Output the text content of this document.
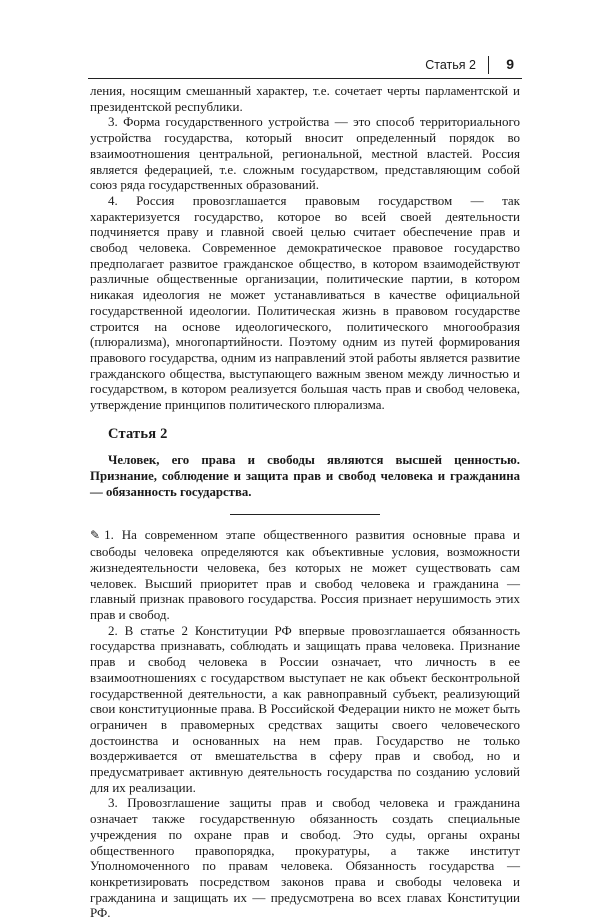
Статья 2 9

ления, носящим смешанный характер, т.е. сочетает черты парламентской и президентской республики.

3. Форма государственного устройства — это способ территориального устройства государства, который вносит определенный порядок во взаимоотношения центральной, региональной, местной властей. Россия является федерацией, т.е. сложным государством, представляющим собой союз ряда государственных образований.

4. Россия провозглашается правовым государством — так характеризуется государство, которое во всей своей деятельности подчиняется праву и главной своей целью считает обеспечение прав и свобод человека. Современное демократическое правовое государство предполагает развитое гражданское общество, в котором взаимодействуют различные общественные организации, политические партии, в котором никакая идеология не может устанавливаться в качестве официальной государственной идеологии. Политическая жизнь в правовом государстве строится на основе идеологического, политического многообразия (плюрализма), многопартийности. Поэтому одним из путей формирования правового государства, одним из направлений этой работы является развитие гражданского общества, выступающего важным звеном между личностью и государством, в котором реализуется большая часть прав и свобод человека, утверждение принципов политического плюрализма.

Статья 2

Человек, его права и свободы являются высшей ценностью. Признание, соблюдение и защита прав и свобод человека и гражданина — обязанность государства.

✎ 1. На современном этапе общественного развития основные права и свободы человека определяются как объективные условия, возможности жизнедеятельности человека, без которых не может существовать сам человек. Высший приоритет прав и свобод человека и гражданина — главный признак правового государства. Россия признает нерушимость этих прав и свобод.

2. В статье 2 Конституции РФ впервые провозглашается обязанность государства признавать, соблюдать и защищать права человека. Признание прав и свобод человека в России означает, что личность в ее взаимоотношениях с государством выступает не как объект бесконтрольной государственной деятельности, а как равноправный субъект, реализующий свои конституционные права. В Российской Федерации никто не может быть ограничен в правомерных средствах защиты своего человеческого достоинства и основанных на нем прав. Государство не только воздерживается от вмешательства в сферу прав и свобод, но и предусматривает активную деятельность государства по созданию условий для их реализации.

3. Провозглашение защиты прав и свобод человека и гражданина означает также государственную обязанность создать специальные учреждения по охране прав и свобод. Это суды, органы охраны общественного правопорядка, прокуратуры, а также институт Уполномоченного по правам человека. Обязанность государства — конкретизировать посредством законов права и свободы человека и гражданина и защищать их — предусмотрена во всех главах Конституции РФ.
